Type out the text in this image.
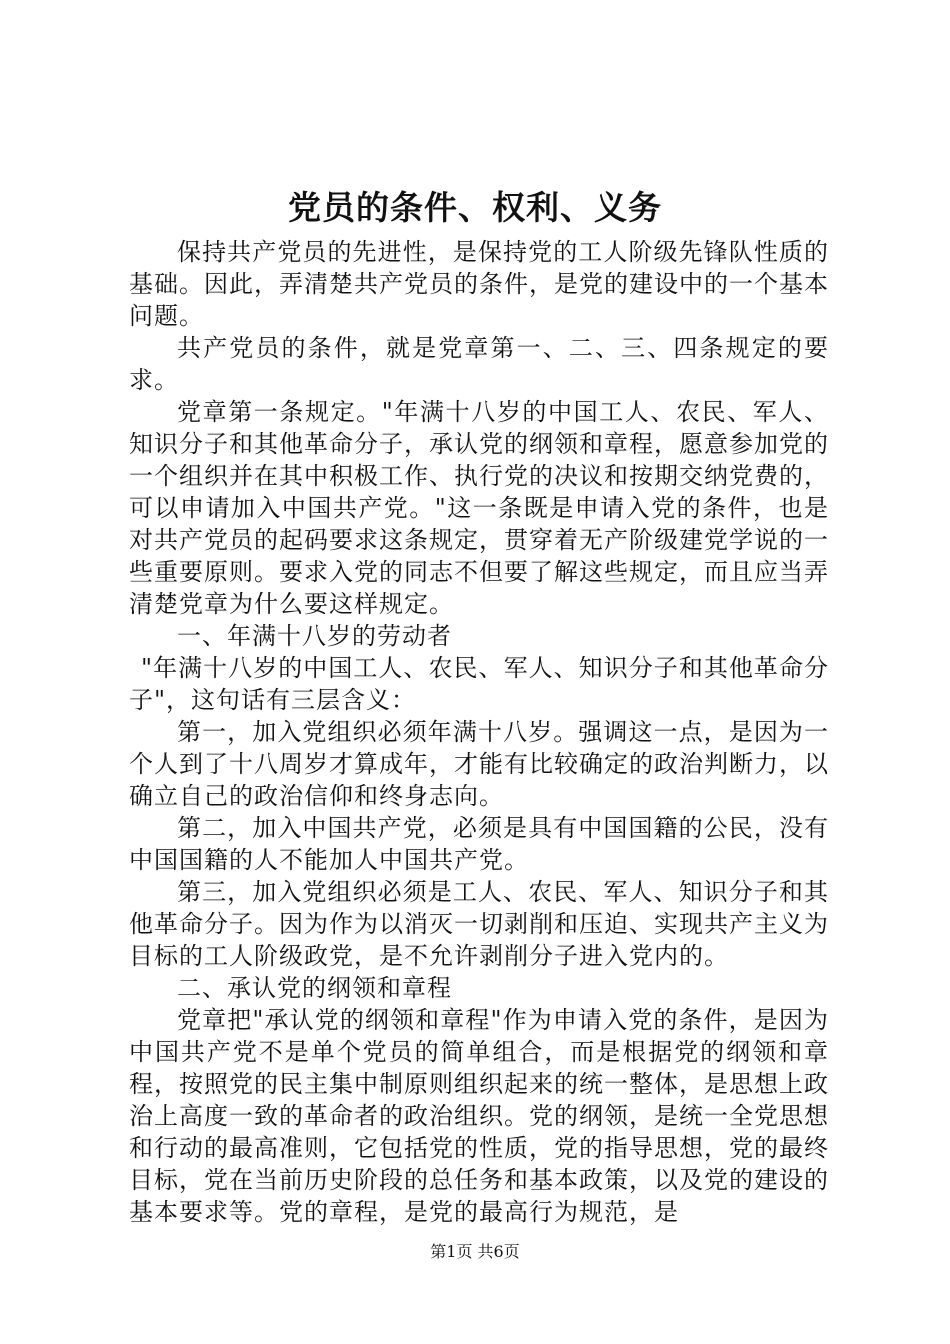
党员的条件、权利、义务

保持共产党员的先进性，是保持党的工人阶级先锋队性质的基础。因此，弄清楚共产党员的条件，是党的建设中的一个基本问题。

共产党员的条件，就是党章第一、二、三、四条规定的要求。

党章第一条规定。"年满十八岁的中国工人、农民、军人、知识分子和其他革命分子，承认党的纲领和章程，愿意参加党的一个组织并在其中积极工作、执行党的决议和按期交纳党费的，可以申请加入中国共产党。"这一条既是申请入党的条件，也是对共产党员的起码要求这条规定，贯穿着无产阶级建党学说的一些重要原则。要求入党的同志不但要了解这些规定，而且应当弄清楚党章为什么要这样规定。

一、年满十八岁的劳动者

"年满十八岁的中国工人、农民、军人、知识分子和其他革命分子"，这句话有三层含义：

第一，加入党组织必须年满十八岁。强调这一点，是因为一个人到了十八周岁才算成年，才能有比较确定的政治判断力，以确立自己的政治信仰和终身志向。

第二，加入中国共产党，必须是具有中国国籍的公民，没有中国国籍的人不能加人中国共产党。

第三，加入党组织必须是工人、农民、军人、知识分子和其他革命分子。因为作为以消灭一切剥削和压迫、实现共产主义为目标的工人阶级政党，是不允许剥削分子进入党内的。

二、承认党的纲领和章程

党章把"承认党的纲领和章程"作为申请入党的条件，是因为中国共产党不是单个党员的简单组合，而是根据党的纲领和章程，按照党的民主集中制原则组织起来的统一整体，是思想上政治上高度一致的革命者的政治组织。党的纲领，是统一全党思想和行动的最高准则，它包括党的性质，党的指导思想，党的最终目标，党在当前历史阶段的总任务和基本政策，以及党的建设的基本要求等。党的章程，是党的最高行为规范，是

第1页 共6页
